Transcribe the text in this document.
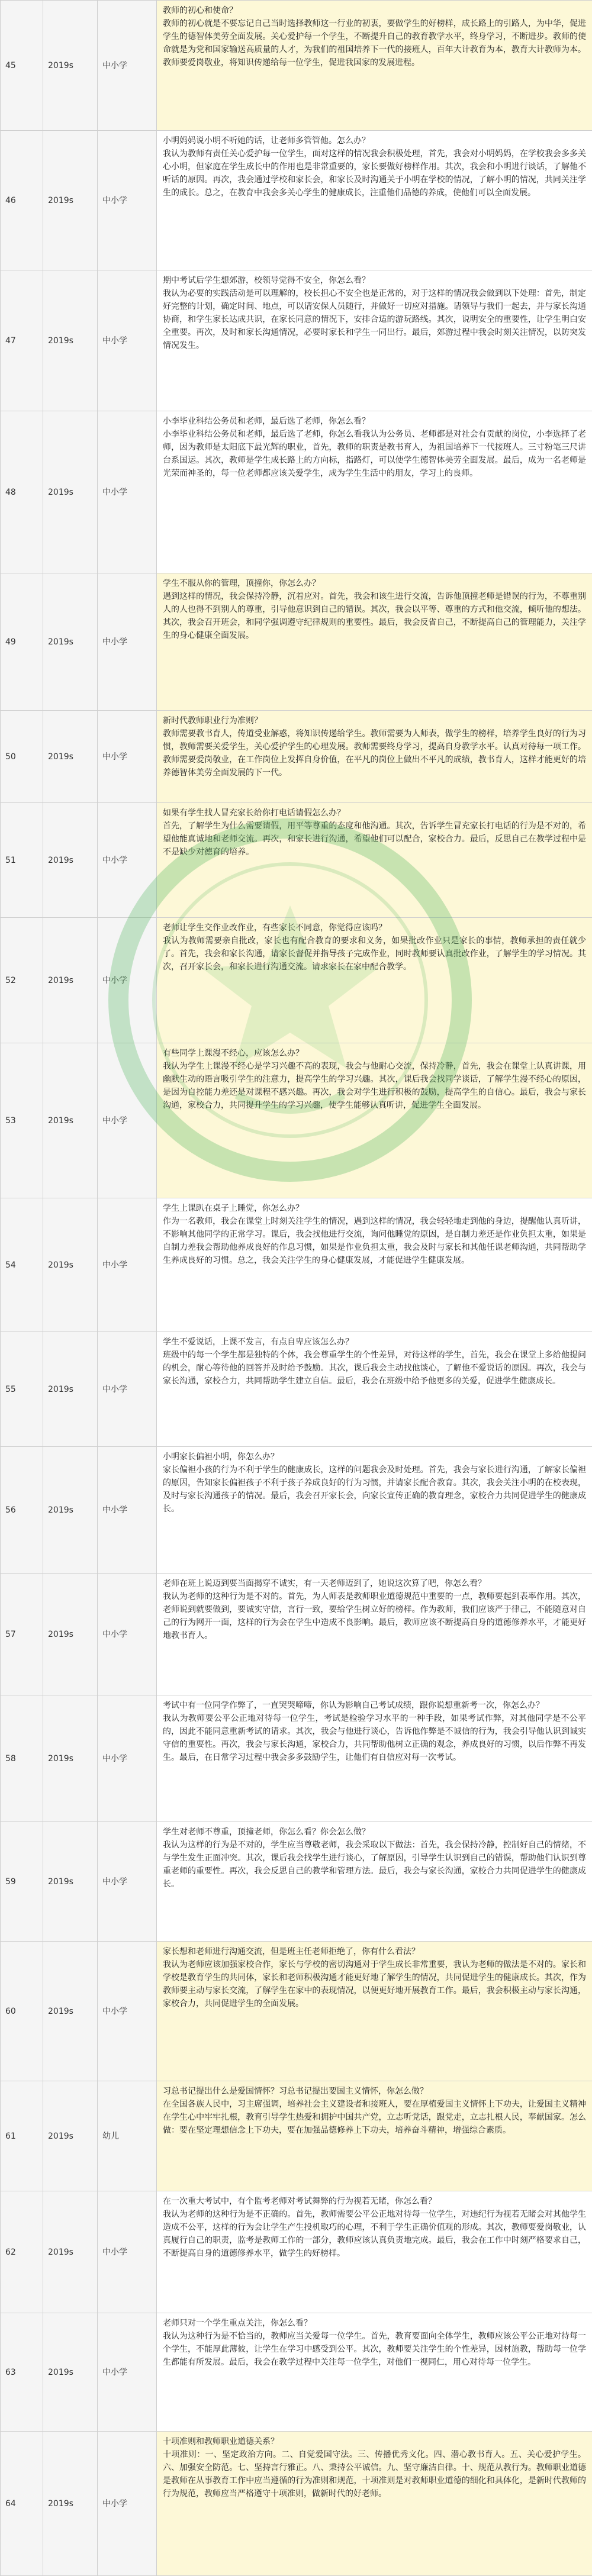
45	2019s	中小学	教师的初心和使命？

教师的初心就是不要忘记自己当时选择教师这一行业的初衷，要做学生的好榜样，成长路上的引路人，为中华，促进学生的德智体美劳全面发展。关心爱护每一个学生，不断提升自己的教育教学水平，终身学习，不断进步。教师的使命就是为党和国家输送高质量的人才，为我们的祖国培养下一代的接班人，百年大计教育为本，教育大计教师为本。教师要爱岗敬业，将知识传递给每一位学生，促进我国家的发展进程。

46	2019s	中小学	小明妈妈说小明不听她的话，让老师多管管他。怎么办？

我认为教师有责任关心爱护每一位学生，面对这样的情况我会积极处理，首先，我会对小明妈妈，在学校我会多多关心小明，但家庭在学生成长中的作用也是非常重要的，家长要做好榜样作用。其次，我会和小明进行谈话，了解他不听话的原因。再次，我会通过学校和家长会，和家长及时沟通关于小明在学校的情况，了解小明的情况，共同关注学生的成长。总之，在教育中我会多关心学生的健康成长，注重他们品德的养成，使他们可以全面发展。

47	2019s	中小学	期中考试后学生想郊游，校领导觉得不安全，你怎么看？

我认为必要的实践活动是可以理解的，校长担心不安全也是正常的，对于这样的情况我会做到以下处理：首先，制定好完整的计划，确定时间、地点，可以请安保人员随行，并做好一切应对措施。请领导与我们一起去，并与家长沟通协商，和学生家长达成共识，在家长同意的情况下，安排合适的游玩路线。其次，说明安全的重要性，让学生明白安全重要。再次，及时和家长沟通情况，必要时家长和学生一同出行。最后，郊游过程中我会时刻关注情况，以防突发情况发生。

48	2019s	中小学	小李毕业科结公务员和老师，最后选了老师，你怎么看？

小李毕业科结公务员和老师，最后选了老师，你怎么看我认为公务员、老师都是对社会有贡献的岗位，小李选择了老师，因为教师是太阳底下最光辉的职业，首先，教师的职责是教书育人，为祖国培养下一代接班人。三寸粉笔三尺讲台系国运。其次，教师是学生成长路上的方向标，指路灯，可以使学生德智体美劳全面发展。最后，成为一名老师是光荣而神圣的，每一位老师都应该关爱学生，成为学生生活中的朋友，学习上的良师。

49	2019s	中小学	学生不服从你的管理，顶撞你，你怎么办？

遇到这样的情况，我会保持冷静，沉着应对。首先，我会和该生进行交流，告诉他顶撞老师是错误的行为，不尊重别人的人也得不到别人的尊重，引导他意识到自己的错误。其次，我会以平等、尊重的方式和他交流，倾听他的想法。其次，我会召开班会，和同学强调遵守纪律规则的重要性。最后，我会反省自己，不断提高自己的管理能力，关注学生的身心健康全面发展。

50	2019s	中小学	新时代教师职业行为准则？

教师需要教书育人，传道受业解惑，将知识传递给学生。教师需要为人师表，做学生的榜样，培养学生良好的行为习惯，教师需要关爱学生，关心爱护学生的心理发展。教师需要终身学习，提高自身教学水平。认真对待每一项工作。教师需要爱岗敬业，在工作岗位上发挥自身价值，在平凡的岗位上做出不平凡的成绩，教书育人，这样才能更好的培养德智体美劳全面发展的下一代。

51	2019s	中小学	如果有学生找人冒充家长给你打电话请假怎么办？

首先，了解学生为什么需要请假，用平等尊重的态度和他沟通。其次，告诉学生冒充家长打电话的行为是不对的，希望他能真诚地和老师交流。再次，和家长进行沟通，希望他们可以配合，家校合力。最后，反思自己在教学过程中是不是缺少对德育的培养。

52	2019s	中小学	老师让学生交作业改作业，有些家长不同意，你觉得应该吗？

我认为教师需要亲自批改，家长也有配合教育的要求和义务，如果批改作业只是家长的事情，教师承担的责任就少了。首先，我会和家长沟通，请家长督促并指导孩子完成作业，同时教师要认真批改作业，了解学生的学习情况。其次，召开家长会，和家长进行沟通交流。请求家长在家中配合教学。

53	2019s	中小学	有些同学上课漫不经心，应该怎么办？

我认为学生上课漫不经心是学习兴趣不高的表现，我会与他耐心交流，保持冷静，首先，我会在课堂上认真讲课，用幽默生动的语言吸引学生的注意力，提高学生的学习兴趣。其次，课后我会找同学谈话，了解学生漫不经心的原因，是因为自控能力差还是对课程不感兴趣。再次，我会对学生进行积极的鼓励，提高学生的自信心。最后，我会与家长沟通，家校合力，共同提升学生的学习兴趣，使学生能够认真听讲，促进学生全面发展。

54	2019s	中小学	学生上课趴在桌子上睡觉，你怎么办？

作为一名教师，我会在课堂上时刻关注学生的情况，遇到这样的情况，我会轻轻地走到他的身边，提醒他认真听讲，不影响其他同学的正常学习。课后，我会找他进行交流，询问他睡觉的原因，是自制力差还是作业负担太重，如果是自制力差我会帮助他养成良好的作息习惯，如果是作业负担太重，我会及时与家长和其他任课老师沟通，共同帮助学生养成良好的习惯。总之，我会关注学生的身心健康发展，才能促进学生健康发展。

55	2019s	中小学	学生不爱说话，上课不发言，有点自卑应该怎么办？

班级中的每一个学生都是独特的个体，我会尊重学生的个性差异，对待这样的学生，首先，我会在课堂上多给他提问的机会，耐心等待他的回答并及时给予鼓励。其次，课后我会主动找他谈心，了解他不爱说话的原因。再次，我会与家长沟通，家校合力，共同帮助学生建立自信。最后，我会在班级中给予他更多的关爱，促进学生健康成长。

56	2019s	中小学	小明家长偏袒小明，你怎么办？

家长偏袒小孩的行为不利于学生的健康成长，这样的问题我会及时处理。首先，我会与家长进行沟通，了解家长偏袒的原因，告知家长偏袒孩子不利于孩子养成良好的行为习惯，并请家长配合教育。其次，我会关注小明的在校表现，及时与家长沟通孩子的情况。最后，我会召开家长会，向家长宣传正确的教育理念，家校合力共同促进学生的健康成长。

57	2019s	中小学	老师在班上说迈到要当面揭穿不诚实，有一天老师迈到了，她说这次算了吧，你怎么看？

我认为老师的这种行为是不对的。首先，为人师表是教师职业道德规范中重要的一点，教师要起到表率作用。其次，老师说到就要做到，要诚实守信，言行一致，要给学生树立好的榜样。作为教师，我们应该严于律己，不能随意对自己的行为网开一面，这样的行为会在学生中造成不良影响。最后，教师应该不断提高自身的道德修养水平，才能更好地教书育人。

58	2019s	中小学	考试中有一位同学作弊了，一直哭哭啼啼，你认为影响自己考试成绩，跟你说想重新考一次，你怎么办？

我认为教师要公平公正地对待每一位学生，考试是检验学习水平的一种手段，如果考试作弊，对其他同学是不公平的，因此不能同意重新考试的请求。其次，我会与他进行谈心，告诉他作弊是不诚信的行为，我会引导他认识到诚实守信的重要性。再次，我会与家长沟通，家校合力，共同帮助他树立正确的观念，养成良好的习惯，以后作弊不再发生。最后，在日常学习过程中我会多多鼓励学生，让他们有自信应对每一次考试。

59	2019s	中小学	学生对老师不尊重，顶撞老师，你怎么看？你会怎么做？

我认为这样的行为是不对的，学生应当尊敬老师，我会采取以下做法：首先，我会保持冷静，控制好自己的情绪，不与学生发生正面冲突。其次，课后我会找学生进行谈心，了解原因，引导学生认识到自己的错误，帮助他们认识到尊重老师的重要性。再次，我会反思自己的教学和管理方法。最后，我会与家长沟通，家校合力共同促进学生的健康成长。

60	2019s	中小学	家长想和老师进行沟通交流，但是班主任老师拒绝了，你有什么看法？

我认为老师应该加强家校合作，家长与学校的密切沟通对于学生成长非常重要，我认为老师的做法是不对的。家长和学校是教育学生的共同体，家长和老师积极沟通才能更好地了解学生的情况，共同促进学生的健康成长。其次，作为教师要主动与家长交流，了解学生在家中的表现情况，以便更好地开展教育工作。最后，我会积极主动与家长沟通，家校合力，共同促进学生的全面发展。

61	2019s	幼儿	习总书记提出什么是爱国情怀？习总书记提出要国主义情怀，你怎么做？

在全国各族人民中，习主席强调，培养社会主义建设者和接班人，要在厚植爱国主义情怀上下功夫，让爱国主义精神在学生心中牢牢扎根，教育引导学生热爱和拥护中国共产党，立志听党话，跟党走，立志扎根人民，奉献国家。怎么做：要在坚定理想信念上下功夫，要在加强品德修养上下功夫，培养奋斗精神，增强综合素质。

62	2019s	中小学	在一次重大考试中，有个监考老师对考试舞弊的行为视若无睹，你怎么看？

我认为老师的这种行为是不正确的。首先，教师需要公平公正地对待每一位学生，对违纪行为视若无睹会对其他学生造成不公平，这样的行为会让学生产生投机取巧的心理，不利于学生正确价值观的形成。其次，教师要爱岗敬业，认真履行自己的职责，监考是教师工作的一部分，教师应该认真负责地完成。最后，我会在工作中时刻严格要求自己，不断提高自身的道德修养水平，做学生的好榜样。

63	2019s	中小学	老师只对一个学生重点关注，你怎么看？

我认为这种行为是不恰当的，教师应当关爱每一位学生。首先，教育要面向全体学生，教师应该公平公正地对待每一个学生，不能厚此薄彼，让学生在学习中感受到公平。其次，教师要关注学生的个性差异，因材施教，帮助每一位学生都能有所发展。最后，我会在教学过程中关注每一位学生，对他们一视同仁，用心对待每一位学生。

64	2019s	中小学	十项准则和教师职业道德关系？

十项准则：一、坚定政治方向。二、自觉爱国守法。三、传播优秀文化。四、潜心教书育人。五、关心爱护学生。六、加强安全防范。七、坚持言行雅正。八、秉持公平诚信。九、坚守廉洁自律。十、规范从教行为。教师职业道德是教师在从事教育工作中应当遵循的行为准则和规范，十项准则是对教师职业道德的细化和具体化，是新时代教师的行为规范，教师应当严格遵守十项准则，做新时代的好老师。
